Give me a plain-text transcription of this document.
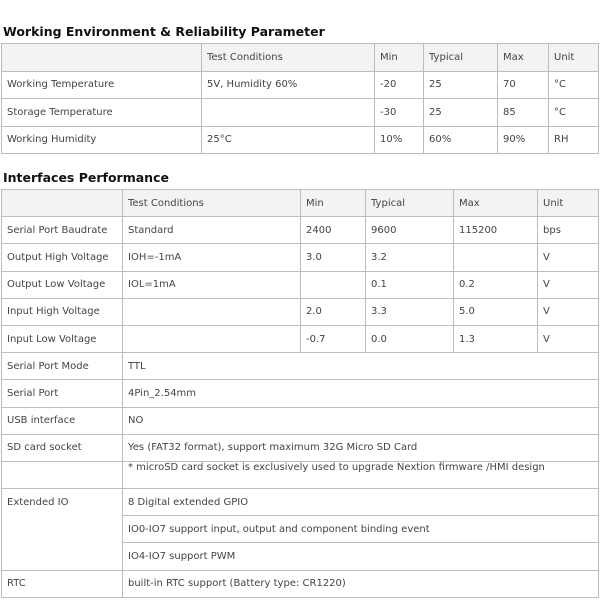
Working Environment & Reliability Parameter
	Test Conditions	Min	Typical	Max	Unit
Working Temperature	5V, Humidity 60%	-20	25	70	°C
Storage Temperature		-30	25	85	°C
Working Humidity	25°C	10%	60%	90%	RH
Interfaces Performance
	Test Conditions	Min	Typical	Max	Unit
Serial Port Baudrate	Standard	2400	9600	115200	bps
Output High Voltage	IOH=-1mA	3.0	3.2		V
Output Low Voltage	IOL=1mA		0.1	0.2	V
Input High Voltage		2.0	3.3	5.0	V
Input Low Voltage		-0.7	0.0	1.3	V
Serial Port Mode	TTL				
Serial Port	4Pin_2.54mm				
USB interface	NO				
SD card socket	Yes (FAT32 format), support maximum 32G Micro SD Card				
	* microSD card socket is exclusively used to upgrade Nextion firmware /HMI design				
Extended IO	8 Digital extended GPIO				
	IO0-IO7 support input, output and component binding event				
	IO4-IO7 support PWM				
RTC	built-in RTC support (Battery type: CR1220)				
